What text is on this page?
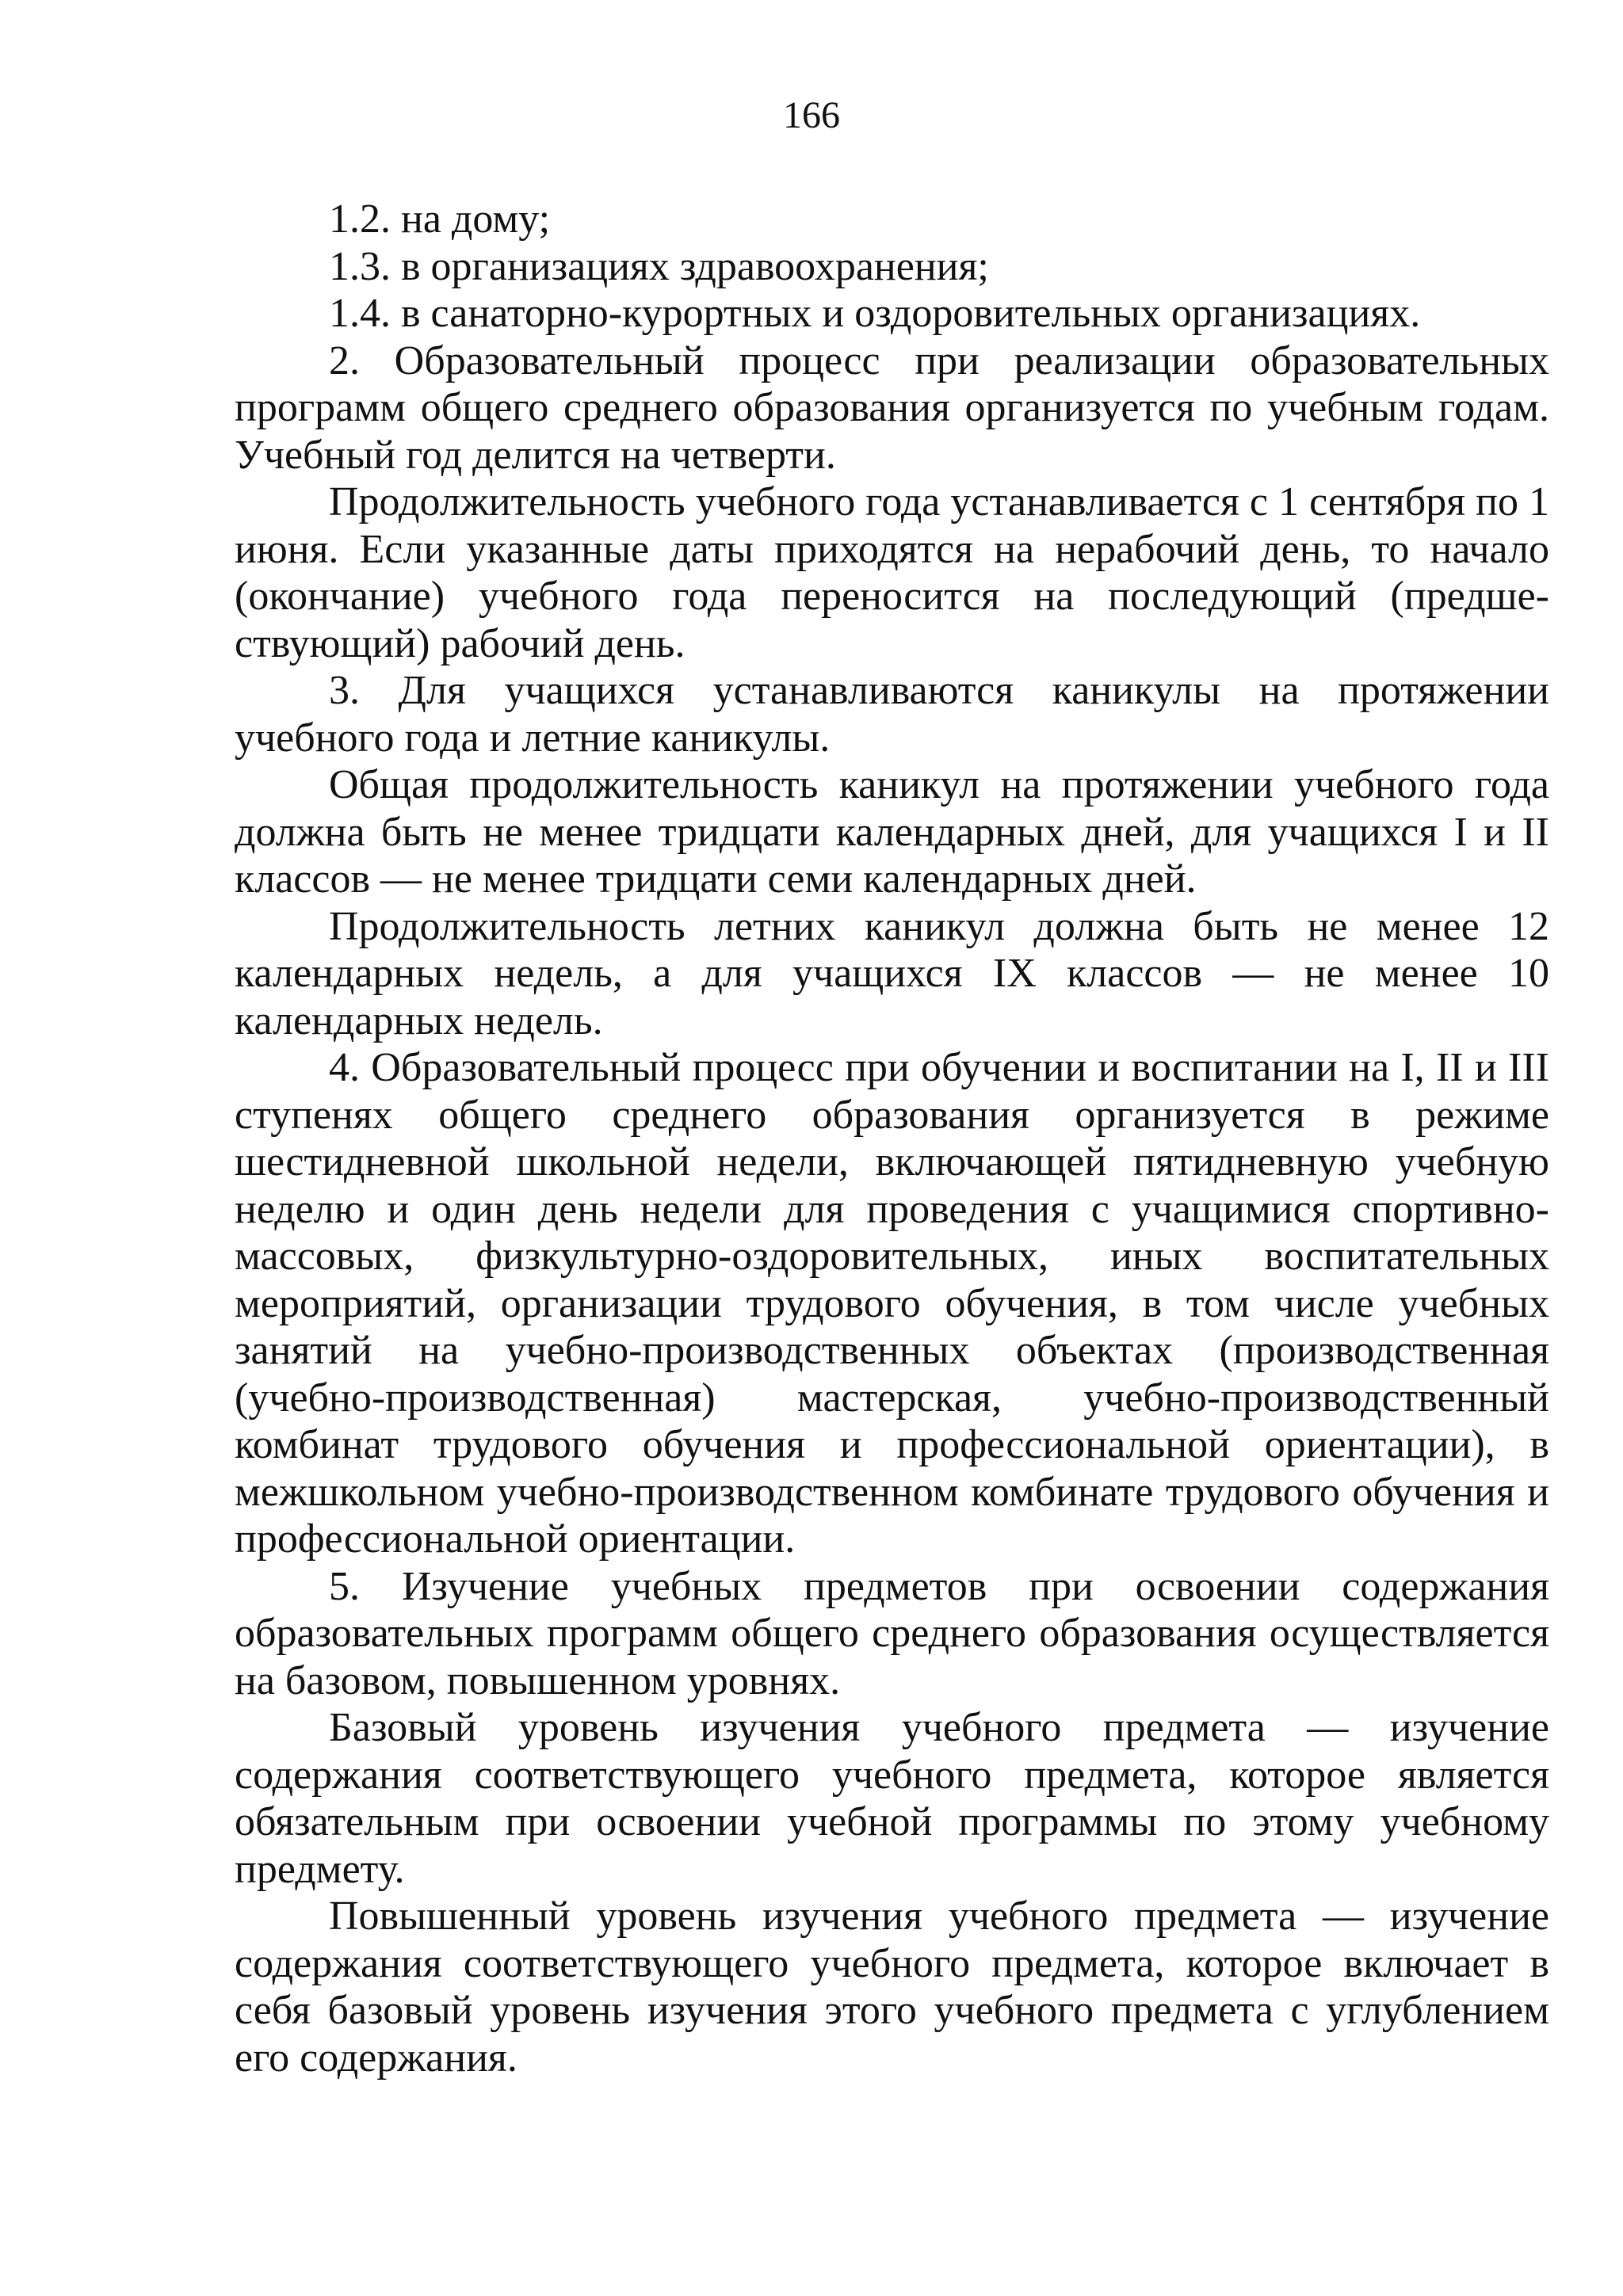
166

1.2. на дому;

1.3. в организациях здравоохранения;

1.4. в санаторно-курортных и оздоровительных организациях.

2. Образовательный процесс при реализации образовательных программ общего среднего образования организуется по учебным годам. Учебный год делится на четверти.

Продолжительность учебного года устанавливается с 1 сентября по 1 июня. Если указанные даты приходятся на нерабочий день, то начало (окончание) учебного года переносится на последующий (предшествующий) рабочий день.

3. Для учащихся устанавливаются каникулы на протяжении учебного года и летние каникулы.

Общая продолжительность каникул на протяжении учебного года должна быть не менее тридцати календарных дней, для учащихся I и II классов — не менее тридцати семи календарных дней.

Продолжительность летних каникул должна быть не менее 12 календарных недель, а для учащихся IX классов — не менее 10 календарных недель.

4. Образовательный процесс при обучении и воспитании на I, II и III ступенях общего среднего образования организуется в режиме шестидневной школьной недели, включающей пятидневную учебную неделю и один день недели для проведения с учащимися спортивно-массовых, физкультурно-оздоровительных, иных воспитательных мероприятий, организации трудового обучения, в том числе учебных занятий на учебно-производственных объектах (производственная (учебно-производственная) мастерская, учебно-производственный комбинат трудового обучения и профессиональной ориентации), в межшкольном учебно-производственном комбинате трудового обучения и профессиональной ориентации.

5. Изучение учебных предметов при освоении содержания образовательных программ общего среднего образования осуществляется на базовом, повышенном уровнях.

Базовый уровень изучения учебного предмета — изучение содержания соответствующего учебного предмета, которое является обязательным при освоении учебной программы по этому учебному предмету.

Повышенный уровень изучения учебного предмета — изучение содержания соответствующего учебного предмета, которое включает в себя базовый уровень изучения этого учебного предмета с углублением его содержания.
